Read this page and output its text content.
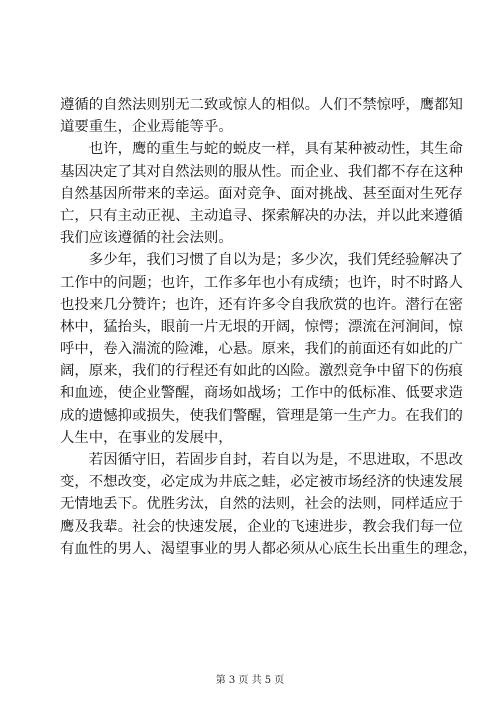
遵循的自然法则别无二致或惊人的相似。人们不禁惊呼，鹰都知
道要重生，企业焉能等乎。
也许，鹰的重生与蛇的蜕皮一样，具有某种被动性，其生命
基因决定了其对自然法则的服从性。而企业、我们都不存在这种
自然基因所带来的幸运。面对竞争、面对挑战、甚至面对生死存
亡，只有主动正视、主动追寻、探索解决的办法，并以此来遵循
我们应该遵循的社会法则。
多少年，我们习惯了自以为是；多少次，我们凭经验解决了
工作中的问题；也许，工作多年也小有成绩；也许，时不时路人
也投来几分赞许；也许，还有许多令自我欣赏的也许。潜行在密
林中，猛抬头，眼前一片无垠的开阔，惊愕；漂流在河涧间，惊
呼中，卷入湍流的险滩，心悬。原来，我们的前面还有如此的广
阔，原来，我们的行程还有如此的凶险。激烈竞争中留下的伤痕
和血迹，使企业警醒，商场如战场；工作中的低标准、低要求造
成的遗憾抑或损失，使我们警醒，管理是第一生产力。在我们的
人生中，在事业的发展中，
若因循守旧，若固步自封，若自以为是，不思进取，不思改
变，不想改变，必定成为井底之蛙，必定被市场经济的快速发展
无情地丢下。优胜劣汰，自然的法则，社会的法则，同样适应于
鹰及我辈。社会的快速发展，企业的飞速进步，教会我们每一位
有血性的男人、渴望事业的男人都必须从心底生长出重生的理念，
第 3 页 共 5 页
